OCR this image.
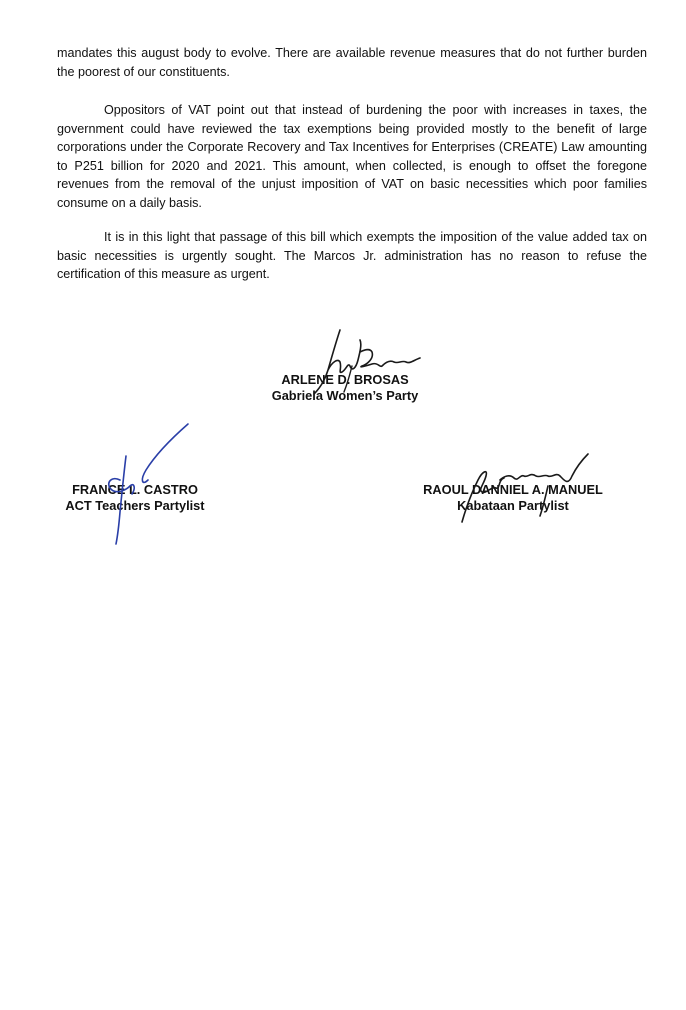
mandates this august body to evolve. There are available revenue measures that do not further burden the poorest of our constituents.

Oppositors of VAT point out that instead of burdening the poor with increases in taxes, the government could have reviewed the tax exemptions being provided mostly to the benefit of large corporations under the Corporate Recovery and Tax Incentives for Enterprises (CREATE) Law amounting to P251 billion for 2020 and 2021. This amount, when collected, is enough to offset the foregone revenues from the removal of the unjust imposition of VAT on basic necessities which poor families consume on a daily basis.

It is in this light that passage of this bill which exempts the imposition of the value added tax on basic necessities is urgently sought. The Marcos Jr. administration has no reason to refuse the certification of this measure as urgent.

ARLENE D. BROSAS
Gabriela Women’s Party
FRANCE L. CASTRO
ACT Teachers Partylist
RAOUL DANNIEL A. MANUEL
Kabataan Partylist
